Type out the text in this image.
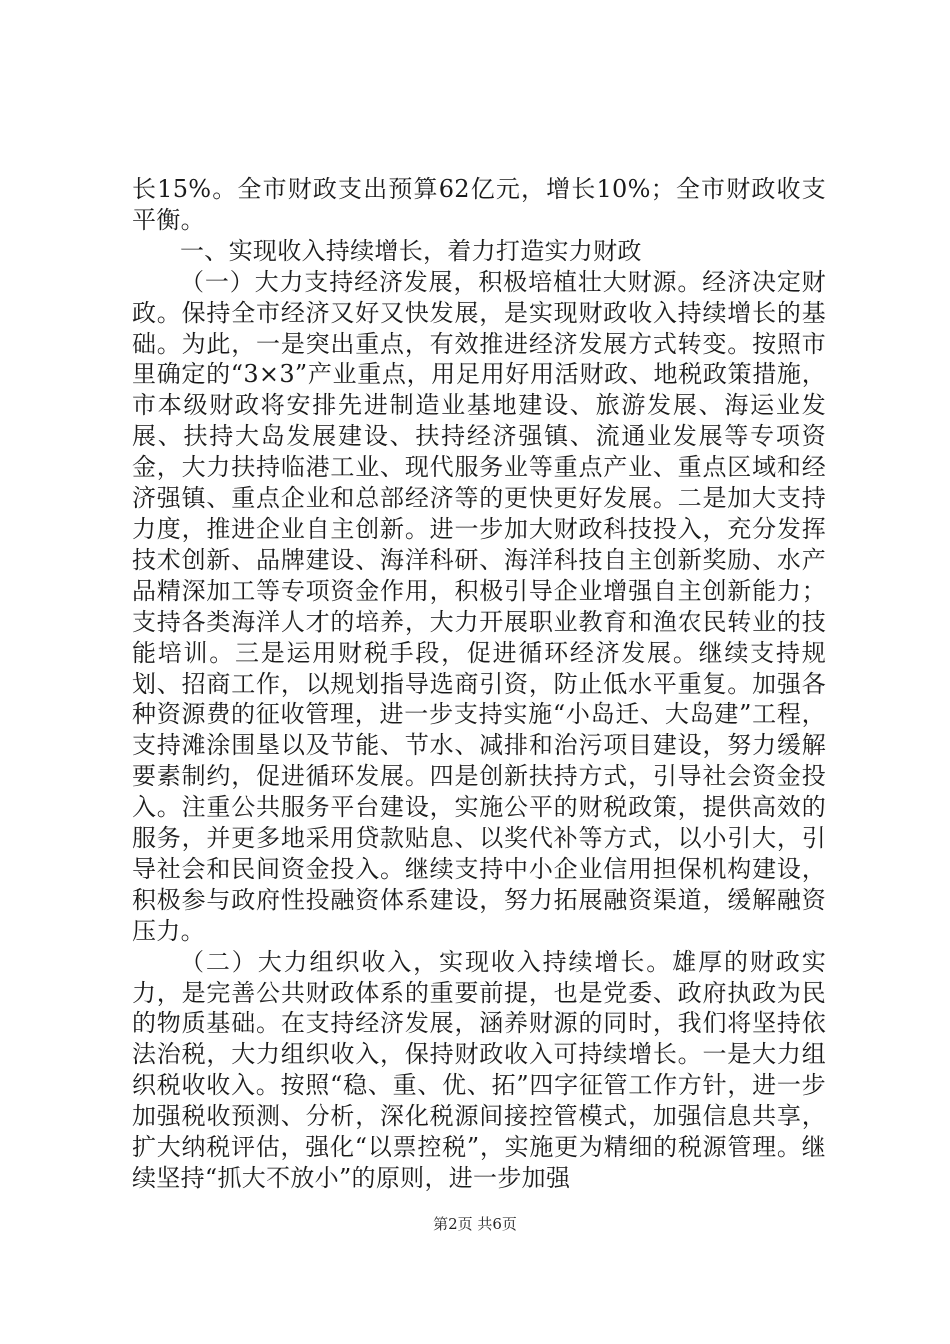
长15%。全市财政支出预算62亿元，增长10%；全市财政收支平衡。

一、实现收入持续增长，着力打造实力财政

（一）大力支持经济发展，积极培植壮大财源。经济决定财政。保持全市经济又好又快发展，是实现财政收入持续增长的基础。为此，一是突出重点，有效推进经济发展方式转变。按照市里确定的“3×3”产业重点，用足用好用活财政、地税政策措施，市本级财政将安排先进制造业基地建设、旅游发展、海运业发展、扶持大岛发展建设、扶持经济强镇、流通业发展等专项资金，大力扶持临港工业、现代服务业等重点产业、重点区域和经济强镇、重点企业和总部经济等的更快更好发展。二是加大支持力度，推进企业自主创新。进一步加大财政科技投入，充分发挥技术创新、品牌建设、海洋科研、海洋科技自主创新奖励、水产品精深加工等专项资金作用，积极引导企业增强自主创新能力；支持各类海洋人才的培养，大力开展职业教育和渔农民转业的技能培训。三是运用财税手段，促进循环经济发展。继续支持规划、招商工作，以规划指导选商引资，防止低水平重复。加强各种资源费的征收管理，进一步支持实施“小岛迁、大岛建”工程，支持滩涂围垦以及节能、节水、减排和治污项目建设，努力缓解要素制约，促进循环发展。四是创新扶持方式，引导社会资金投入。注重公共服务平台建设，实施公平的财税政策，提供高效的服务，并更多地采用贷款贴息、以奖代补等方式，以小引大，引导社会和民间资金投入。继续支持中小企业信用担保机构建设，积极参与政府性投融资体系建设，努力拓展融资渠道，缓解融资压力。

（二）大力组织收入，实现收入持续增长。雄厚的财政实力，是完善公共财政体系的重要前提，也是党委、政府执政为民的物质基础。在支持经济发展，涵养财源的同时，我们将坚持依法治税，大力组织收入，保持财政收入可持续增长。一是大力组织税收收入。按照“稳、重、优、拓”四字征管工作方针，进一步加强税收预测、分析，深化税源间接控管模式，加强信息共享，扩大纳税评估，强化“以票控税”，实施更为精细的税源管理。继续坚持“抓大不放小”的原则，进一步加强

第2页 共6页
